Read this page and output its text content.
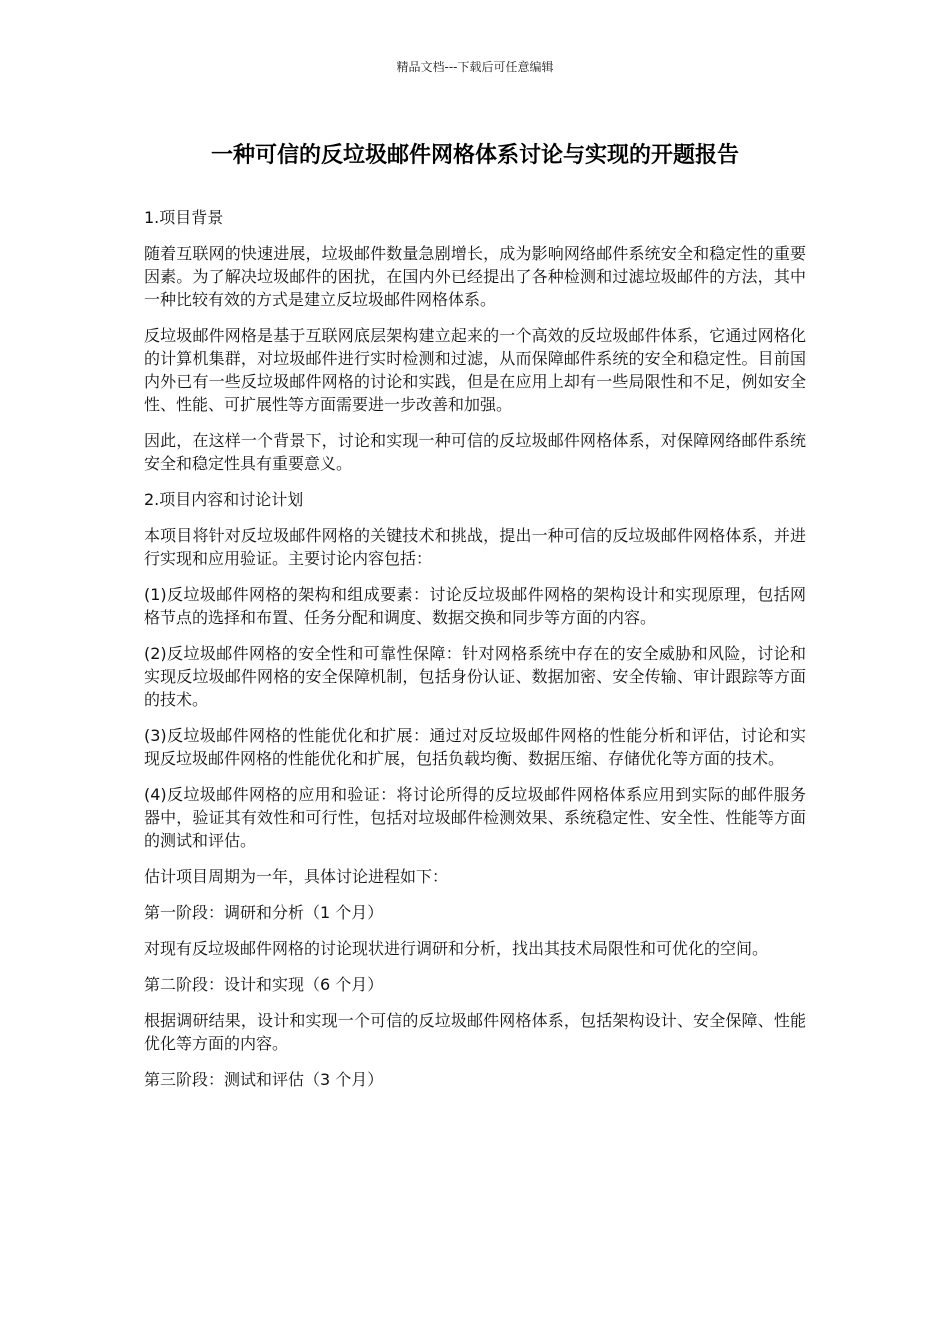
精品文档---下载后可任意编辑
一种可信的反垃圾邮件网格体系讨论与实现的开题报告

1.项目背景

随着互联网的快速进展，垃圾邮件数量急剧增长，成为影响网络邮件系统安全和稳定性的重要因素。为了解决垃圾邮件的困扰，在国内外已经提出了各种检测和过滤垃圾邮件的方法，其中一种比较有效的方式是建立反垃圾邮件网格体系。

反垃圾邮件网格是基于互联网底层架构建立起来的一个高效的反垃圾邮件体系，它通过网格化的计算机集群，对垃圾邮件进行实时检测和过滤，从而保障邮件系统的安全和稳定性。目前国内外已有一些反垃圾邮件网格的讨论和实践，但是在应用上却有一些局限性和不足，例如安全性、性能、可扩展性等方面需要进一步改善和加强。

因此，在这样一个背景下，讨论和实现一种可信的反垃圾邮件网格体系，对保障网络邮件系统安全和稳定性具有重要意义。

2.项目内容和讨论计划

本项目将针对反垃圾邮件网格的关键技术和挑战，提出一种可信的反垃圾邮件网格体系，并进行实现和应用验证。主要讨论内容包括：

(1)反垃圾邮件网格的架构和组成要素：讨论反垃圾邮件网格的架构设计和实现原理，包括网格节点的选择和布置、任务分配和调度、数据交换和同步等方面的内容。

(2)反垃圾邮件网格的安全性和可靠性保障：针对网格系统中存在的安全威胁和风险，讨论和实现反垃圾邮件网格的安全保障机制，包括身份认证、数据加密、安全传输、审计跟踪等方面的技术。

(3)反垃圾邮件网格的性能优化和扩展：通过对反垃圾邮件网格的性能分析和评估，讨论和实现反垃圾邮件网格的性能优化和扩展，包括负载均衡、数据压缩、存储优化等方面的技术。

(4)反垃圾邮件网格的应用和验证：将讨论所得的反垃圾邮件网格体系应用到实际的邮件服务器中，验证其有效性和可行性，包括对垃圾邮件检测效果、系统稳定性、安全性、性能等方面的测试和评估。

估计项目周期为一年，具体讨论进程如下：

第一阶段：调研和分析（1 个月）

对现有反垃圾邮件网格的讨论现状进行调研和分析，找出其技术局限性和可优化的空间。

第二阶段：设计和实现（6 个月）

根据调研结果，设计和实现一个可信的反垃圾邮件网格体系，包括架构设计、安全保障、性能优化等方面的内容。

第三阶段：测试和评估（3 个月）
